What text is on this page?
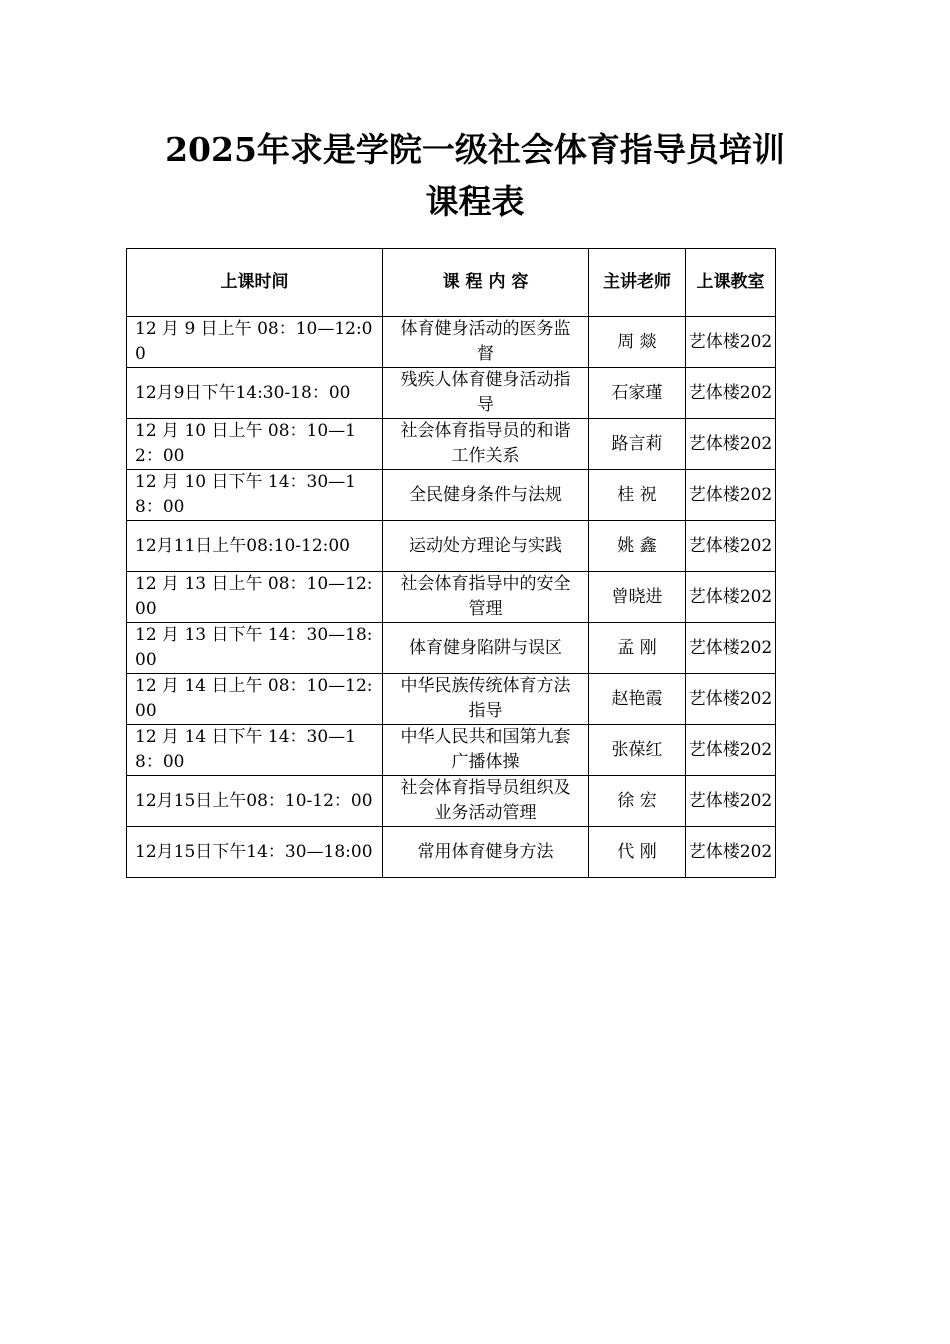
2025年求是学院一级社会体育指导员培训
课程表
上课时间	课 程 内 容	主讲老师	上课教室
12 月 9 日上午 08：10—12:00	体育健身活动的医务监督	周 燚	艺体楼202
12月9日下午14:30-18：00	残疾人体育健身活动指导	石家瑾	艺体楼202
12 月 10 日上午 08：10—12：00	社会体育指导员的和谐工作关系	路言莉	艺体楼202
12 月 10 日下午 14：30—18：00	全民健身条件与法规	桂 祝	艺体楼202
12月11日上午08:10-12:00	运动处方理论与实践	姚 鑫	艺体楼202
12 月 13 日上午 08：10—12:00	社会体育指导中的安全管理	曾晓进	艺体楼202
12 月 13 日下午 14：30—18:00	体育健身陷阱与误区	孟 刚	艺体楼202
12 月 14 日上午 08：10—12:00	中华民族传统体育方法指导	赵艳霞	艺体楼202
12 月 14 日下午 14：30—18：00	中华人民共和国第九套广播体操	张葆红	艺体楼202
12月15日上午08：10-12：00	社会体育指导员组织及业务活动管理	徐 宏	艺体楼202
12月15日下午14：30—18:00	常用体育健身方法	代 刚	艺体楼202
